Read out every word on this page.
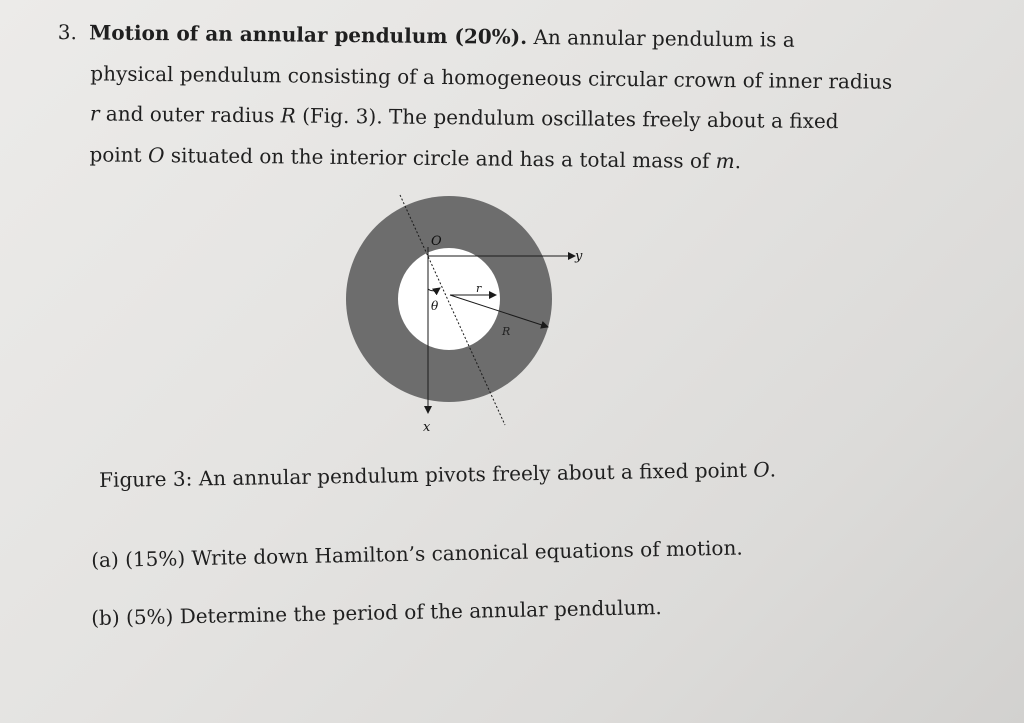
3. Motion of an annular pendulum (20%). An annular pendulum is a
physical pendulum consisting of a homogeneous circular crown of inner radius
r and outer radius R (Fig. 3). The pendulum oscillates freely about a fixed
point O situated on the interior circle and has a total mass of m.
O
y
x
θ
r
R
Figure 3: An annular pendulum pivots freely about a fixed point O.
(a) (15%) Write down Hamilton’s canonical equations of motion.
(b) (5%) Determine the period of the annular pendulum.
